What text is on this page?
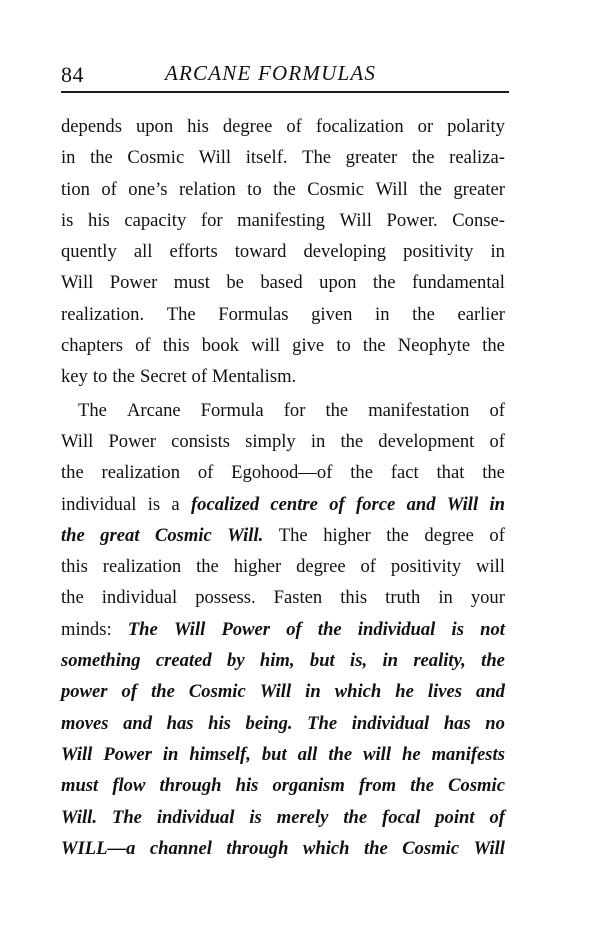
84	ARCANE FORMULAS
depends upon his degree of focalization or polarity
in the Cosmic Will itself. The greater the realiza-
tion of one’s relation to the Cosmic Will the greater
is his capacity for manifesting Will Power. Conse-
quently all efforts toward developing positivity in
Will Power must be based upon the fundamental
realization. The Formulas given in the earlier
chapters of this book will give to the Neophyte the
key to the Secret of Mentalism.
The Arcane Formula for the manifestation of
Will Power consists simply in the development of
the realization of Egohood—of the fact that the
individual is a focalized centre of force and Will in
the great Cosmic Will. The higher the degree of
this realization the higher degree of positivity will
the individual possess. Fasten this truth in your
minds: The Will Power of the individual is not
something created by him, but is, in reality, the
power of the Cosmic Will in which he lives and
moves and has his being. The individual has no
Will Power in himself, but all the will he manifests
must flow through his organism from the Cosmic
Will. The individual is merely the focal point of
WILL—a channel through which the Cosmic Will
